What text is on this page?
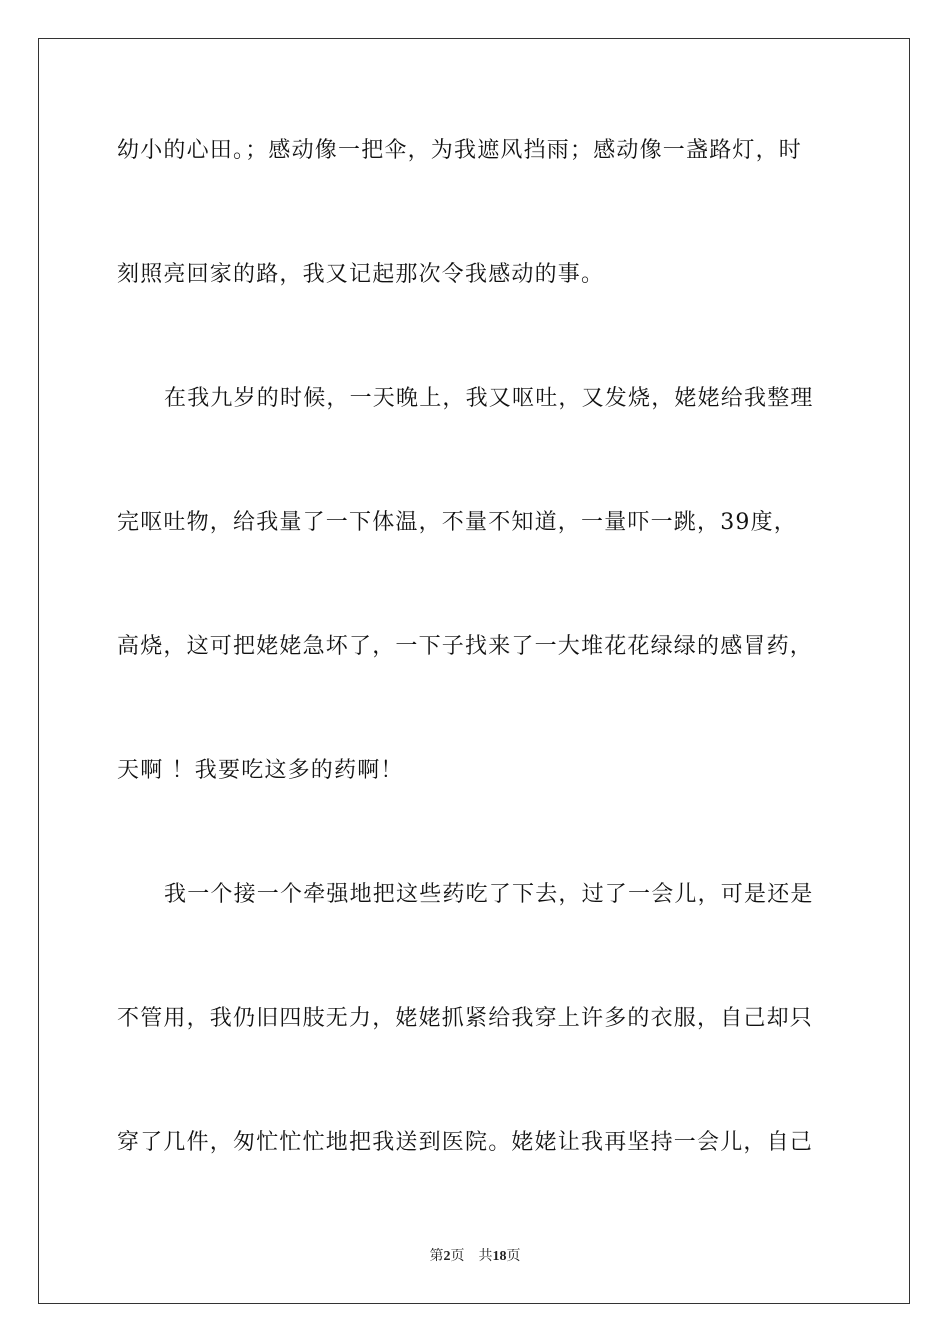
幼小的心田。；感动像一把伞，为我遮风挡雨；感动像一盏路灯，时
刻照亮回家的路，我又记起那次令我感动的事。
在我九岁的时候，一天晚上，我又呕吐，又发烧，姥姥给我整理
完呕吐物，给我量了一下体温，不量不知道，一量吓一跳，39度，
高烧，这可把姥姥急坏了，一下子找来了一大堆花花绿绿的感冒药，
天啊 ！我要吃这多的药啊！
我一个接一个牵强地把这些药吃了下去，过了一会儿，可是还是
不管用，我仍旧四肢无力，姥姥抓紧给我穿上许多的衣服，自己却只
穿了几件，匆忙忙忙地把我送到医院。姥姥让我再坚持一会儿，自己
第2页 共18页
